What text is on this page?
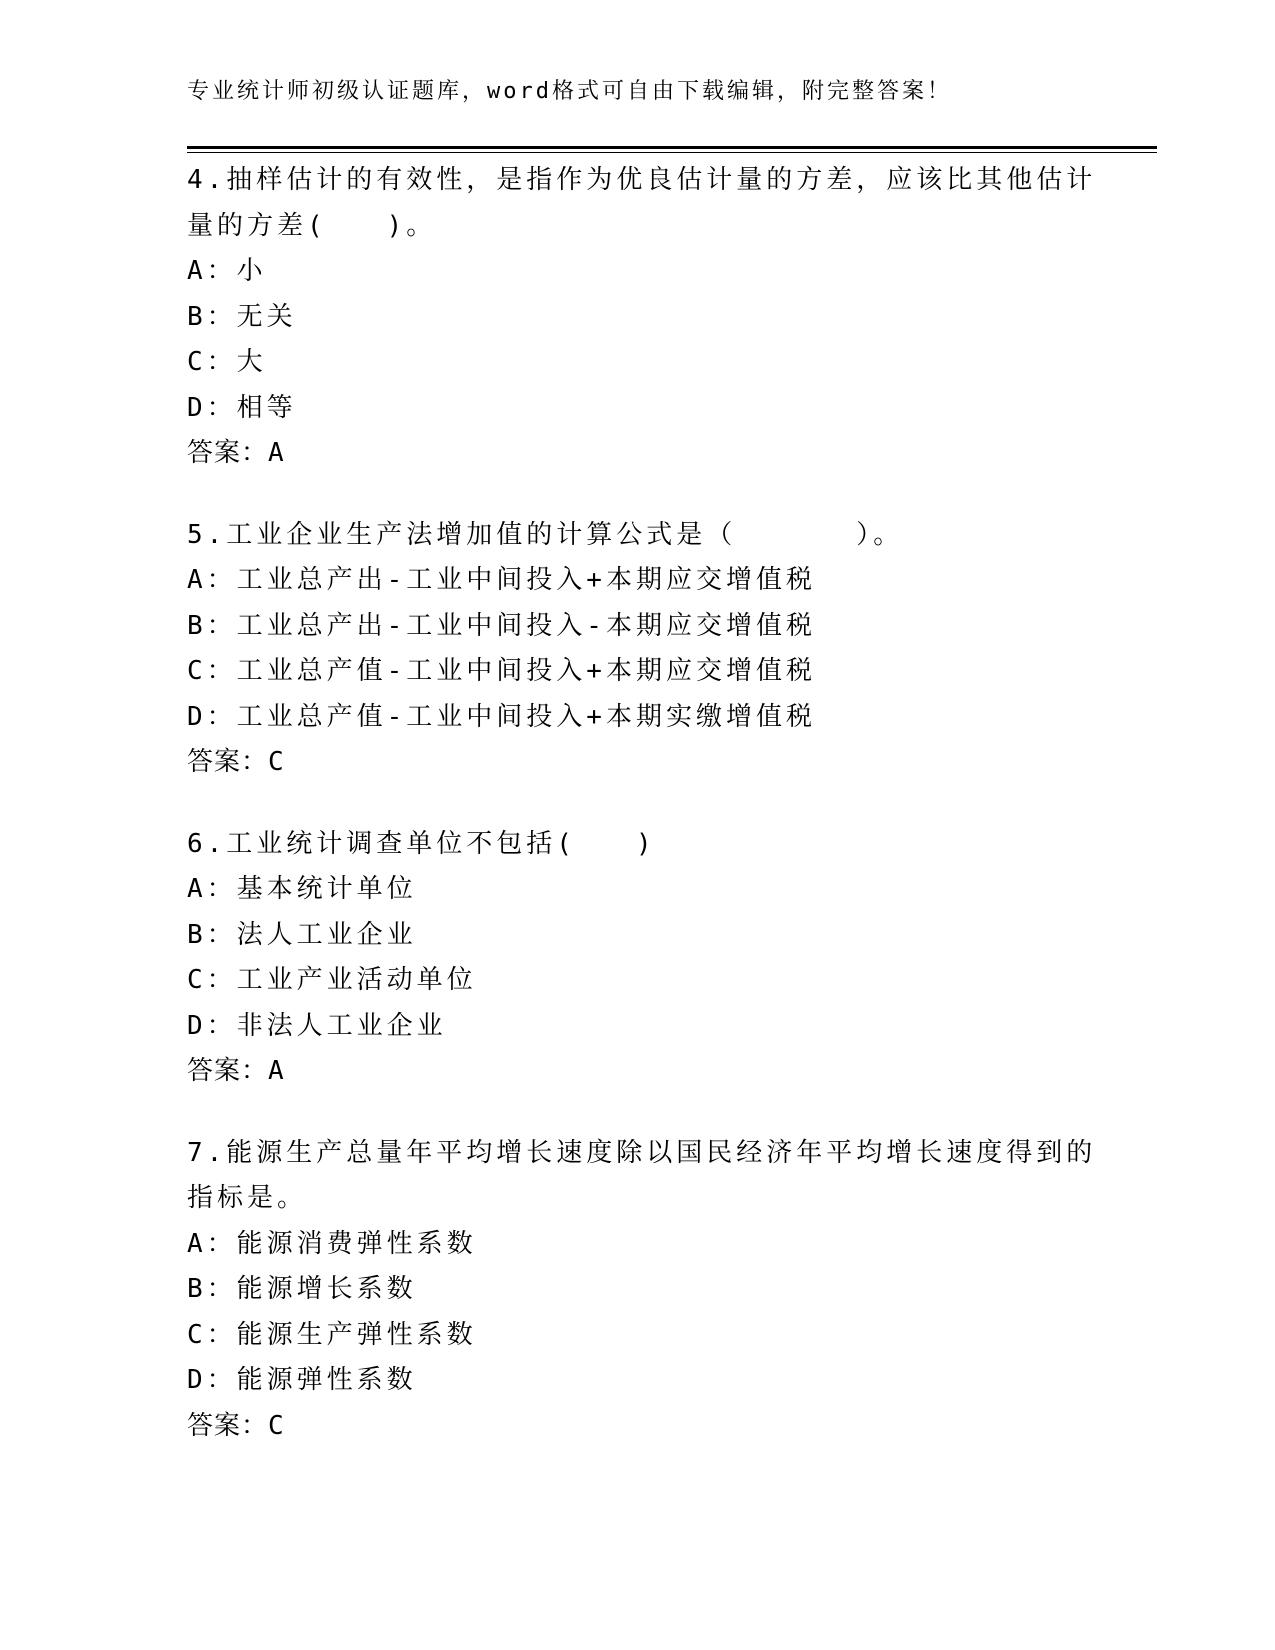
专业统计师初级认证题库，word格式可自由下载编辑，附完整答案！
4.抽样估计的有效性，是指作为优良估计量的方差，应该比其他估计
量的方差(　　)。
A：小
B：无关
C：大
D：相等
答案：A
5.工业企业生产法增加值的计算公式是（　　　　）。
A：工业总产出-工业中间投入+本期应交增值税
B：工业总产出-工业中间投入-本期应交增值税
C：工业总产值-工业中间投入+本期应交增值税
D：工业总产值-工业中间投入+本期实缴增值税
答案：C
6.工业统计调查单位不包括(　　)
A：基本统计单位
B：法人工业企业
C：工业产业活动单位
D：非法人工业企业
答案：A
7.能源生产总量年平均增长速度除以国民经济年平均增长速度得到的
指标是。
A：能源消费弹性系数
B：能源增长系数
C：能源生产弹性系数
D：能源弹性系数
答案：C
